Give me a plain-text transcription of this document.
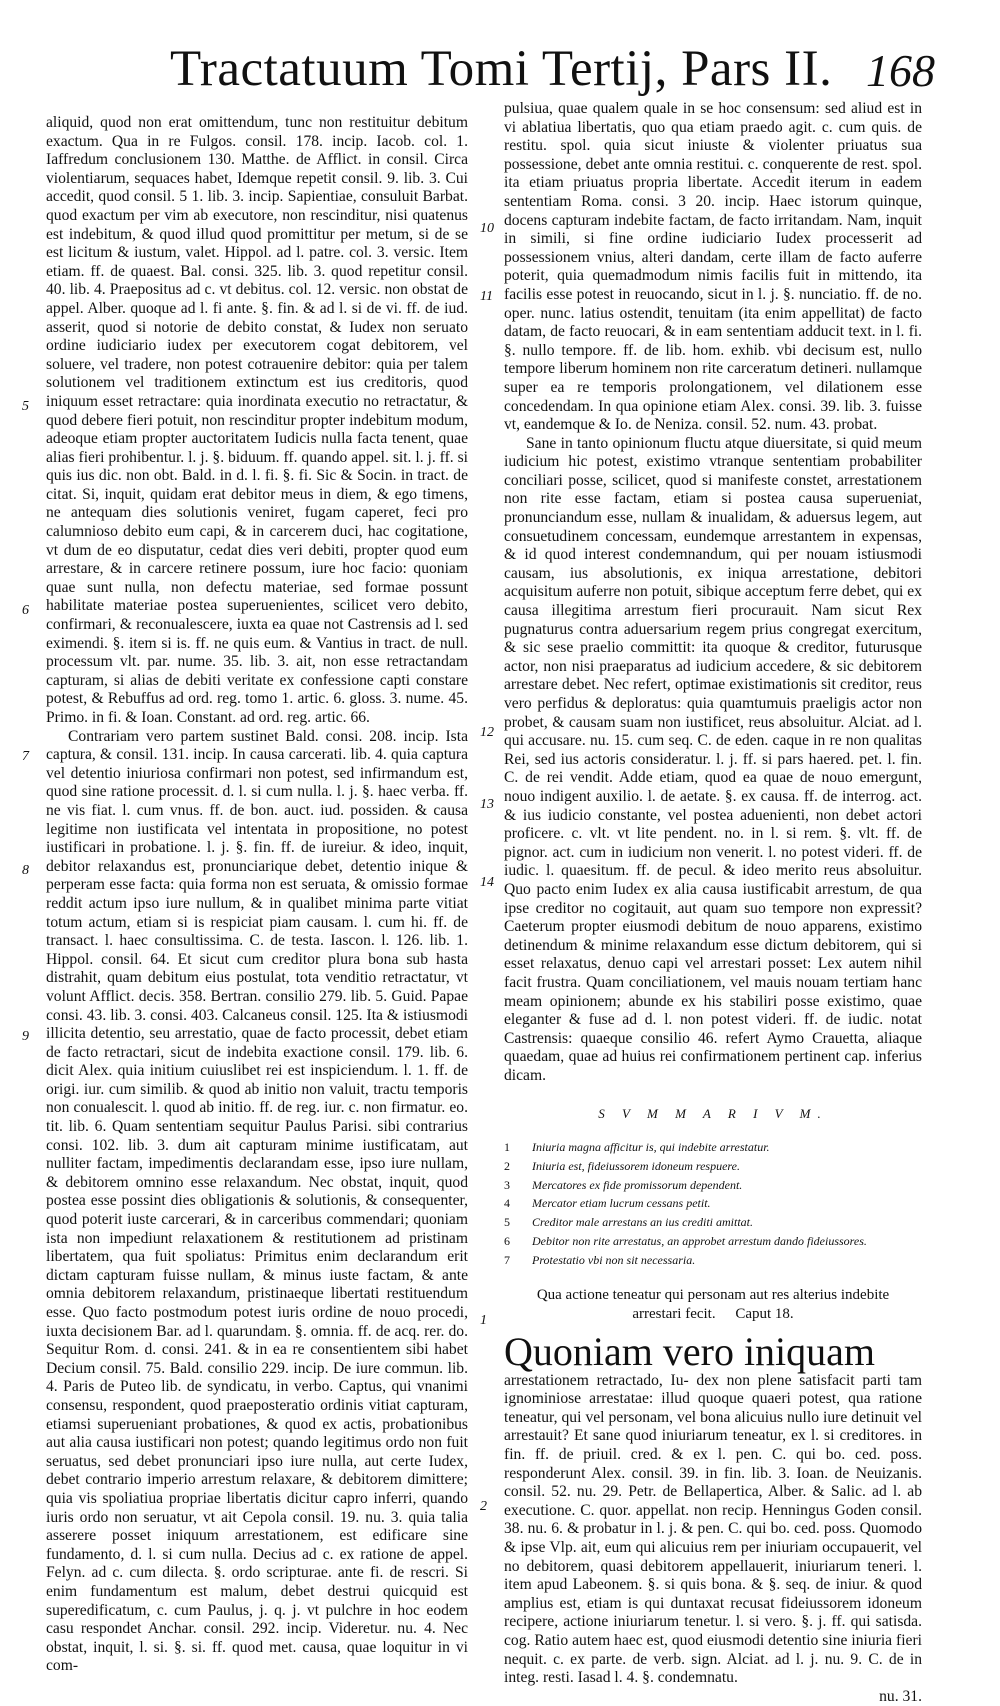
Tractatuum Tomi Tertij, Pars II. 168

aliquid, quod non erat omittendum, tunc non restituitur debitum exactum. Qua in re Fulgos. consil. 178. incip. Iacob. col. 1. Iaffredum conclusionem 130. Matthe. de Afflict. in consil. Circa violentiarum, sequaces habet, Idemque repetit consil. 9. lib. 3. Cui accedit, quod consil. 5 1. lib. 3. incip. Sapientiae, consuluit Barbat. quod exactum per vim ab executore, non rescinditur, nisi quatenus est indebitum, & quod illud quod promittitur per metum, si de se est licitum & iustum, valet. Hippol. ad l. patre. col. 3. versic. Item etiam. ff. de quaest. Bal. consi. 325. lib. 3. quod repetitur consil. 40. lib. 4. Praepositus ad c. vt debitus. col. 12. versic. non obstat de appel. Alber. quoque ad l. fi ante. §. fin. & ad l. si de vi. ff. de iud. asserit, quod si notorie de debito constat, & Iudex non seruato ordine iudiciario iudex per executorem cogat debitorem, vel soluere, vel tradere, non potest cotrauenire debitor: quia per talem solutionem vel traditionem extinctum est ius creditoris, quod iniquum esset retractare: quia inordinata executio no retractatur, & quod debere fieri potuit, non rescinditur propter indebitum modum, adeoque etiam propter auctoritatem Iudicis nulla facta tenent, quae alias fieri prohibentur. l. j. §. biduum. ff. quando appel. sit. l. j. ff. si quis ius dic. non obt. Bald. in d. l. fi. §. fi. Sic & Socin. in tract. de citat. Si, inquit, quidam erat debitor meus in diem, & ego timens, ne antequam dies solutionis veniret, fugam caperet, feci pro calumnioso debito eum capi, & in carcerem duci, hac cogitatione, vt dum de eo disputatur, cedat dies veri debiti, propter quod eum arrestare, & in carcere retinere possum, iure hoc facio: quoniam quae sunt nulla, non defectu materiae, sed formae possunt habilitate materiae postea superuenientes, scilicet vero debito, confirmari, & reconualescere, iuxta ea quae not Castrensis ad l. sed eximendi. §. item si is. ff. ne quis eum. & Vantius in tract. de null. processum vlt. par. nume. 35. lib. 3. ait, non esse retractandam capturam, si alias de debiti veritate ex confessione capti constare potest, & Rebuffus ad ord. reg. tomo 1. artic. 6. gloss. 3. nume. 45. Primo. in fi. & Ioan. Constant. ad ord. reg. artic. 66.

Contrariam vero partem sustinet Bald. consi. 208. incip. Ista captura, & consil. 131. incip. In causa carcerati. lib. 4. quia captura vel detentio iniuriosa confirmari non potest, sed infirmandum est, quod sine ratione processit. d. l. si cum nulla. l. j. §. haec verba. ff. ne vis fiat. l. cum vnus. ff. de bon. auct. iud. possiden. & causa legitime non iustificata vel intentata in propositione, no potest iustificari in probatione. l. j. §. fin. ff. de iureiur. & ideo, inquit, debitor relaxandus est, pronunciarique debet, detentio inique & perperam esse facta: quia forma non est seruata, & omissio formae reddit actum ipso iure nullum, & in qualibet minima parte vitiat totum actum, etiam si is respiciat piam causam. l. cum hi. ff. de transact. l. haec consultissima. C. de testa. Iascon. l. 126. lib. 1. Hippol. consil. 64. Et sicut cum creditor plura bona sub hasta distrahit, quam debitum eius postulat, tota venditio retractatur, vt volunt Afflict. decis. 358. Bertran. consilio 279. lib. 5. Guid. Papae consi. 43. lib. 3. consi. 403. Calcaneus consil. 125. Ita & istiusmodi illicita detentio, seu arrestatio, quae de facto processit, debet etiam de facto retractari, sicut de indebita exactione consil. 179. lib. 6. dicit Alex. quia initium cuiuslibet rei est inspiciendum. l. 1. ff. de origi. iur. cum similib. & quod ab initio non valuit, tractu temporis non conualescit. l. quod ab initio. ff. de reg. iur. c. non firmatur. eo. tit. lib. 6. Quam sententiam sequitur Paulus Parisi. sibi contrarius consi. 102. lib. 3. dum ait capturam minime iustificatam, aut nulliter factam, impedimentis declarandam esse, ipso iure nullam, & debitorem omnino esse relaxandum. Nec obstat, inquit, quod postea esse possint dies obligationis & solutionis, & consequenter, quod poterit iuste carcerari, & in carceribus commendari; quoniam ista non impediunt relaxationem & restitutionem ad pristinam libertatem, qua fuit spoliatus: Primitus enim declarandum erit dictam capturam fuisse nullam, & minus iuste factam, & ante omnia debitorem relaxandum, pristinaeque libertati restituendum esse. Quo facto postmodum potest iuris ordine de nouo procedi, iuxta decisionem Bar. ad l. quarundam. §. omnia. ff. de acq. rer. do. Sequitur Rom. d. consi. 241. & in ea re consentientem sibi habet Decium consil. 75. Bald. consilio 229. incip. De iure commun. lib. 4. Paris de Puteo lib. de syndicatu, in verbo. Captus, qui vnanimi consensu, respondent, quod praeposteratio ordinis vitiat capturam, etiamsi superueniant probationes, & quod ex actis, probationibus aut alia causa iustificari non potest; quando legitimus ordo non fuit seruatus, sed debet pronunciari ipso iure nulla, aut certe Iudex, debet contrario imperio arrestum relaxare, & debitorem dimittere; quia vis spoliatiua propriae libertatis dicitur capro inferri, quando iuris ordo non seruatur, vt ait Cepola consil. 19. nu. 3. quia talia asserere posset iniquum arrestationem, est edificare sine fundamento, d. l. si cum nulla. Decius ad c. ex ratione de appel. Felyn. ad c. cum dilecta. §. ordo scripturae. ante fi. de rescri. Si enim fundamentum est malum, debet destrui quicquid est superedificatum, c. cum Paulus, j. q. j. vt pulchre in hoc eodem casu respondet Anchar. consil. 292. incip. Videretur. nu. 4. Nec obstat, inquit, l. si. §. si. ff. quod met. causa, quae loquitur in vi com-

5
6
7
8
9

pulsiua, quae qualem quale in se hoc consensum: sed aliud est in vi ablatiua libertatis, quo qua etiam praedo agit. c. cum quis. de restitu. spol. quia sicut iniuste & violenter priuatus sua possessione, debet ante omnia restitui. c. conquerente de rest. spol. ita etiam priuatus propria libertate. Accedit iterum in eadem sententiam Roma. consi. 3 20. incip. Haec istorum quinque, docens capturam indebite factam, de facto irritandam. Nam, inquit in simili, si fine ordine iudiciario Iudex processerit ad possessionem vnius, alteri dandam, certe illam de facto auferre poterit, quia quemadmodum nimis facilis fuit in mittendo, ita facilis esse potest in reuocando, sicut in l. j. §. nunciatio. ff. de no. oper. nunc. latius ostendit, tenuitam (ita enim appellitat) de facto datam, de facto reuocari, & in eam sententiam adducit text. in l. fi. §. nullo tempore. ff. de lib. hom. exhib. vbi decisum est, nullo tempore liberum hominem non rite carceratum detineri. nullamque super ea re temporis prolongationem, vel dilationem esse concedendam. In qua opinione etiam Alex. consi. 39. lib. 3. fuisse vt, eandemque & Io. de Neniza. consil. 52. num. 43. probat.

Sane in tanto opinionum fluctu atque diuersitate, si quid meum iudicium hic potest, existimo vtranque sententiam probabiliter conciliari posse, scilicet, quod si manifeste constet, arrestationem non rite esse factam, etiam si postea causa superueniat, pronunciandum esse, nullam & inualidam, & aduersus legem, aut consuetudinem concessam, eundemque arrestantem in expensas, & id quod interest condemnandum, qui per nouam istiusmodi causam, ius absolutionis, ex iniqua arrestatione, debitori acquisitum auferre non potuit, sibique acceptum ferre debet, qui ex causa illegitima arrestum fieri procurauit. Nam sicut Rex pugnaturus contra aduersarium regem prius congregat exercitum, & sic sese praelio committit: ita quoque & creditor, futurusque actor, non nisi praeparatus ad iudicium accedere, & sic debitorem arrestare debet. Nec refert, optimae existimationis sit creditor, reus vero perfidus & deploratus: quia quamtumuis praeligis actor non probet, & causam suam non iustificet, reus absoluitur. Alciat. ad l. qui accusare. nu. 15. cum seq. C. de eden. caque in re non qualitas Rei, sed ius actoris consideratur. l. j. ff. si pars haered. pet. l. fin. C. de rei vendit. Adde etiam, quod ea quae de nouo emergunt, nouo indigent auxilio. l. de aetate. §. ex causa. ff. de interrog. act. & ius iudicio constante, vel postea aduenienti, non debet actori proficere. c. vlt. vt lite pendent. no. in l. si rem. §. vlt. ff. de pignor. act. cum in iudicium non venerit. l. no potest videri. ff. de iudic. l. quaesitum. ff. de pecul. & ideo merito reus absoluitur. Quo pacto enim Iudex ex alia causa iustificabit arrestum, de qua ipse creditor no cogitauit, aut quam suo tempore non expressit? Caeterum propter eiusmodi debitum de nouo apparens, existimo detinendum & minime relaxandum esse dictum debitorem, qui si esset relaxatus, denuo capi vel arrestari posset: Lex autem nihil facit frustra. Quam conciliationem, vel mauis nouam tertiam hanc meam opinionem; abunde ex his stabiliri posse existimo, quae eleganter & fuse ad d. l. non potest videri. ff. de iudic. notat Castrensis: quaeque consilio 46. refert Aymo Crauetta, aliaque quaedam, quae ad huius rei confirmationem pertinent cap. inferius dicam.

S V M M A R I V M.
1 Iniuria magna afficitur is, qui indebite arrestatur.
2 Iniuria est, fideiussorem idoneum respuere.
3 Mercatores ex fide promissorum dependent.
4 Mercator etiam lucrum cessans petit.
5 Creditor male arrestans an ius crediti amittat.
6 Debitor non rite arrestatus, an approbet arrestum dando fideiussores.
7 Protestatio vbi non sit necessaria.
Qua actione teneatur qui personam aut res alterius indebite arrestari fecit. Caput 18.

Quoniam vero iniquam
arrestationem retractado, Iu- dex non plene satisfacit parti tam ignominiose arrestatae: illud quoque quaeri potest, qua ratione teneatur, qui vel personam, vel bona alicuius nullo iure detinuit vel arrestauit? Et sane quod iniuriarum teneatur, ex l. si creditores. in fin. ff. de priuil. cred. & ex l. pen. C. qui bo. ced. poss. responderunt Alex. consil. 39. in fin. lib. 3. Ioan. de Neuizanis. consil. 52. nu. 29. Petr. de Bellapertica, Alber. & Salic. ad l. ab executione. C. quor. appellat. non recip. Henningus Goden consil. 38. nu. 6. & probatur in l. j. & pen. C. qui bo. ced. poss. Quomodo & ipse Vlp. ait, eum qui alicuius rem per iniuriam occupauerit, vel no debitorem, quasi debitorem appellauerit, iniuriarum teneri. l. item apud Labeonem. §. si quis bona. & §. seq. de iniur. & quod amplius est, etiam is qui duntaxat recusat fideiussorem idoneum recipere, actione iniuriarum tenetur. l. si vero. §. j. ff. qui satisda. cog. Ratio autem haec est, quod eiusmodi detentio sine iniuria fieri nequit. c. ex parte. de verb. sign. Alciat. ad l. j. nu. 9. C. de in integ. resti. Iasad l. 4. §. condemnatu.

nu. 31.

10
11
12
13
14
1
2
